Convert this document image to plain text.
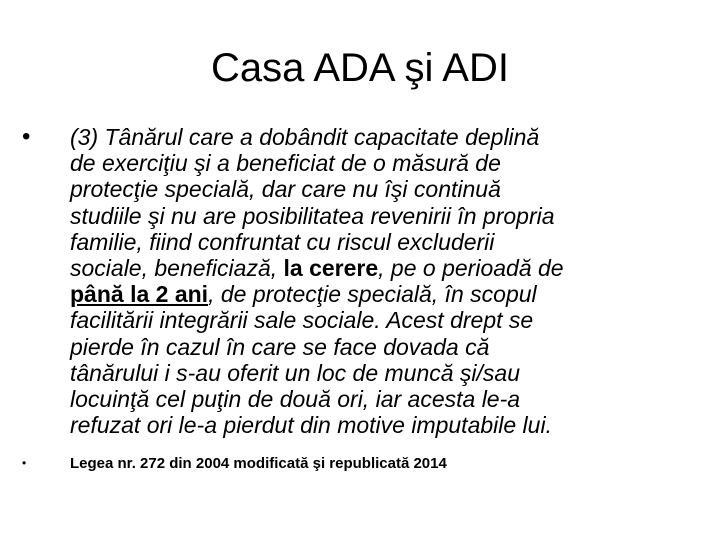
Casa ADA şi ADI
• (3) Tânărul care a dobândit capacitate deplină
de exerciţiu şi a beneficiat de o măsură de
protecţie specială, dar care nu îşi continuă
studiile şi nu are posibilitatea revenirii în propria
familie, fiind confruntat cu riscul excluderii
sociale, beneficiază, la cerere, pe o perioadă de
până la 2 ani, de protecţie specială, în scopul
facilitării integrării sale sociale. Acest drept se
pierde în cazul în care se face dovada că
tânărului i s-au oferit un loc de muncă şi/sau
locuinţă cel puţin de două ori, iar acesta le-a
refuzat ori le-a pierdut din motive imputabile lui.

•	Legea nr. 272 din 2004 modificată şi republicată 2014
